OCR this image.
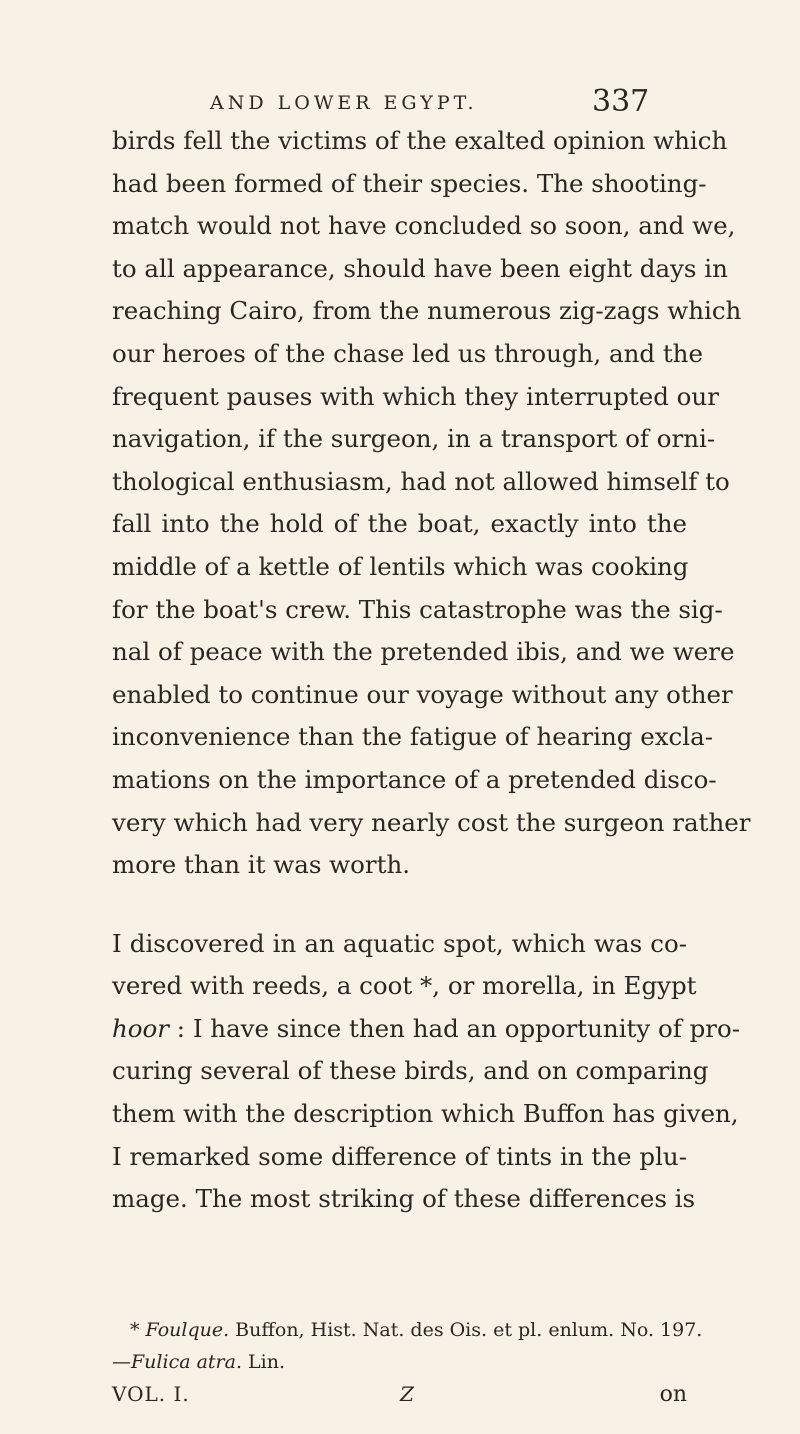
AND LOWER EGYPT.	337
birds fell the victims of the exalted opinion which
had been formed of their species. The shooting-
match would not have concluded so soon, and we,
to all appearance, should have been eight days in
reaching Cairo, from the numerous zig-zags which
our heroes of the chase led us through, and the
frequent pauses with which they interrupted our
navigation, if the surgeon, in a transport of orni-
thological enthusiasm, had not allowed himself to
fall into the hold of the boat, exactly into the
middle of a kettle of lentils which was cooking
for the boat's crew. This catastrophe was the sig-
nal of peace with the pretended ibis, and we were
enabled to continue our voyage without any other
inconvenience than the fatigue of hearing excla-
mations on the importance of a pretended disco-
very which had very nearly cost the surgeon rather
more than it was worth.
I discovered in an aquatic spot, which was co-
vered with reeds, a coot *, or morella, in Egypt
hoor : I have since then had an opportunity of pro-
curing several of these birds, and on comparing
them with the description which Buffon has given,
I remarked some difference of tints in the plu-
mage. The most striking of these differences is
* Foulque. Buffon, Hist. Nat. des Ois. et pl. enlum. No. 197.
—Fulica atra. Lin.
VOL. I.	Z	on
